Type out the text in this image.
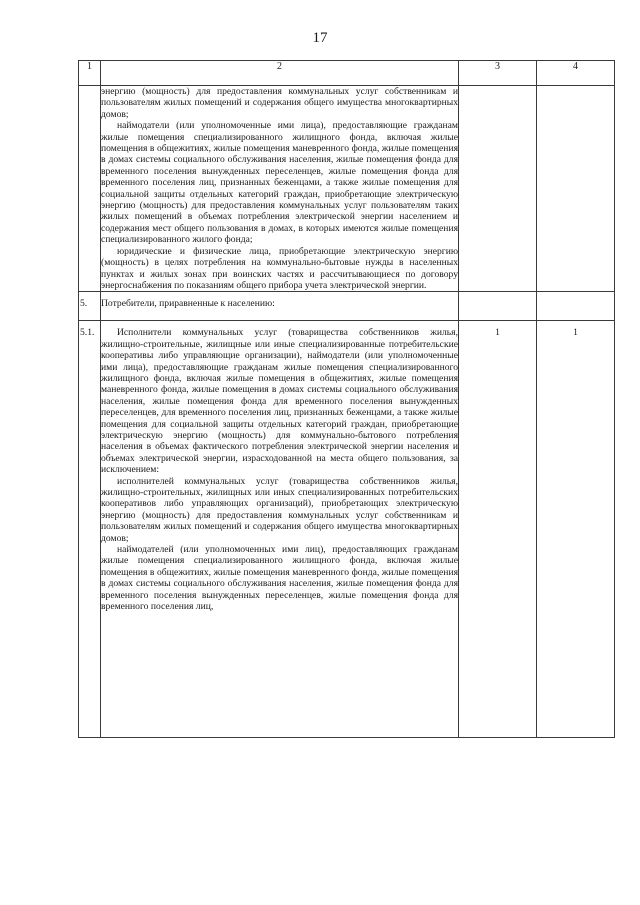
17
1	2	3	4

	энергию (мощность) для предоставления коммунальных услуг собственникам и пользователям жилых помещений и содержания общего имущества многоквартирных домов;

наймодатели (или уполномоченные ими лица), предоставляющие гражданам жилые помещения специализированного жилищного фонда, включая жилые помещения в общежитиях, жилые помещения маневренного фонда, жилые помещения в домах системы социального обслуживания населения, жилые помещения фонда для временного поселения вынужденных переселенцев, жилые помещения фонда для временного поселения лиц, признанных беженцами, а также жилые помещения для социальной защиты отдельных категорий граждан, приобретающие электрическую энергию (мощность) для предоставления коммунальных услуг пользователям таких жилых помещений в объемах потребления электрической энергии населением и содержания мест общего пользования в домах, в которых имеются жилые помещения специализированного жилого фонда;

юридические и физические лица, приобретающие электрическую энергию (мощность) в целях потребления на коммунально-бытовые нужды в населенных пунктах и жилых зонах при воинских частях и рассчитывающиеся по договору энергоснабжения по показаниям общего прибора учета электрической энергии.		

5.	Потребители, приравненные к населению:		

5.1.	Исполнители коммунальных услуг (товарищества собственников жилья, жилищно-строительные, жилищные или иные специализированные потребительские кооперативы либо управляющие организации), наймодатели (или уполномоченные ими лица), предоставляющие гражданам жилые помещения специализированного жилищного фонда, включая жилые помещения в общежитиях, жилые помещения маневренного фонда, жилые помещения в домах системы социального обслуживания населения, жилые помещения фонда для временного поселения вынужденных переселенцев, для временного поселения лиц, признанных беженцами, а также жилые помещения для социальной защиты отдельных категорий граждан, приобретающие электрическую энергию (мощность) для коммунально-бытового потребления населения в объемах фактического потребления электрической энергии населения и объемах электрической энергии, израсходованной на места общего пользования, за исключением:

исполнителей коммунальных услуг (товарищества собственников жилья, жилищно-строительных, жилищных или иных специализированных потребительских кооперативов либо управляющих организаций), приобретающих электрическую энергию (мощность) для предоставления коммунальных услуг собственникам и пользователям жилых помещений и содержания общего имущества многоквартирных домов;

наймодателей (или уполномоченных ими лиц), предоставляющих гражданам жилые помещения специализированного жилищного фонда, включая жилые помещения в общежитиях, жилые помещения маневренного фонда, жилые помещения в домах системы социального обслуживания населения, жилые помещения фонда для временного поселения вынужденных переселенцев, жилые помещения фонда для временного поселения лиц,	1	1
